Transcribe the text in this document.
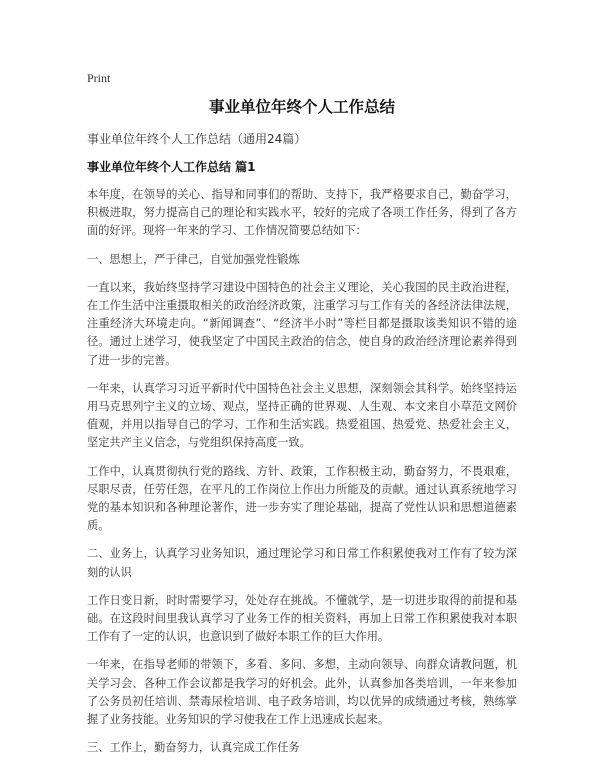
Print
事业单位年终个人工作总结
事业单位年终个人工作总结（通用24篇）
事业单位年终个人工作总结 篇1

本年度，在领导的关心、指导和同事们的帮助、支持下，我严格要求自己，勤奋学习，积极进取，努力提高自己的理论和实践水平，较好的完成了各项工作任务，得到了各方面的好评。现将一年来的学习、工作情况简要总结如下：

一、思想上，严于律己，自觉加强党性锻炼

一直以来，我始终坚持学习建设中国特色的社会主义理论，关心我国的民主政治进程，在工作生活中注重摄取相关的政治经济政策，注重学习与工作有关的各经济法律法规，注重经济大环境走向。“新闻调查”、“经济半小时”等栏目都是摄取该类知识不错的途径。通过上述学习，使我坚定了中国民主政治的信念，使自身的政治经济理论素养得到了进一步的完善。

一年来，认真学习习近平新时代中国特色社会主义思想，深刻领会其科学。始终坚持运用马克思列宁主义的立场、观点，坚持正确的世界观、人生观、本文来自小草范文网价值观，并用以指导自己的学习、工作和生活实践。热爱祖国、热爱党、热爱社会主义，坚定共产主义信念，与党组织保持高度一致。

工作中，认真贯彻执行党的路线、方针、政策，工作积极主动，勤奋努力，不畏艰难，尽职尽责，任劳任怨，在平凡的工作岗位上作出力所能及的贡献。通过认真系统地学习党的基本知识和各种理论著作，进一步夯实了理论基础，提高了党性认识和思想道德素质。

二、业务上，认真学习业务知识，通过理论学习和日常工作积累使我对工作有了较为深刻的认识

工作日变日新，时时需要学习，处处存在挑战。不懂就学，是一切进步取得的前提和基础。在这段时间里我认真学习了业务工作的相关资料，再加上日常工作积累使我对本职工作有了一定的认识，也意识到了做好本职工作的巨大作用。

一年来，在指导老师的带领下，多看、多问、多想，主动向领导、向群众请教问题，机关学习会、各种工作会议都是我学习的好机会。此外，认真参加各类培训，一年来参加了公务员初任培训、禁毒尿检培训、电子政务培训，均以优异的成绩通过考核，熟练掌握了业务技能。业务知识的学习使我在工作上迅速成长起来。

三、工作上，勤奋努力，认真完成工作任务
